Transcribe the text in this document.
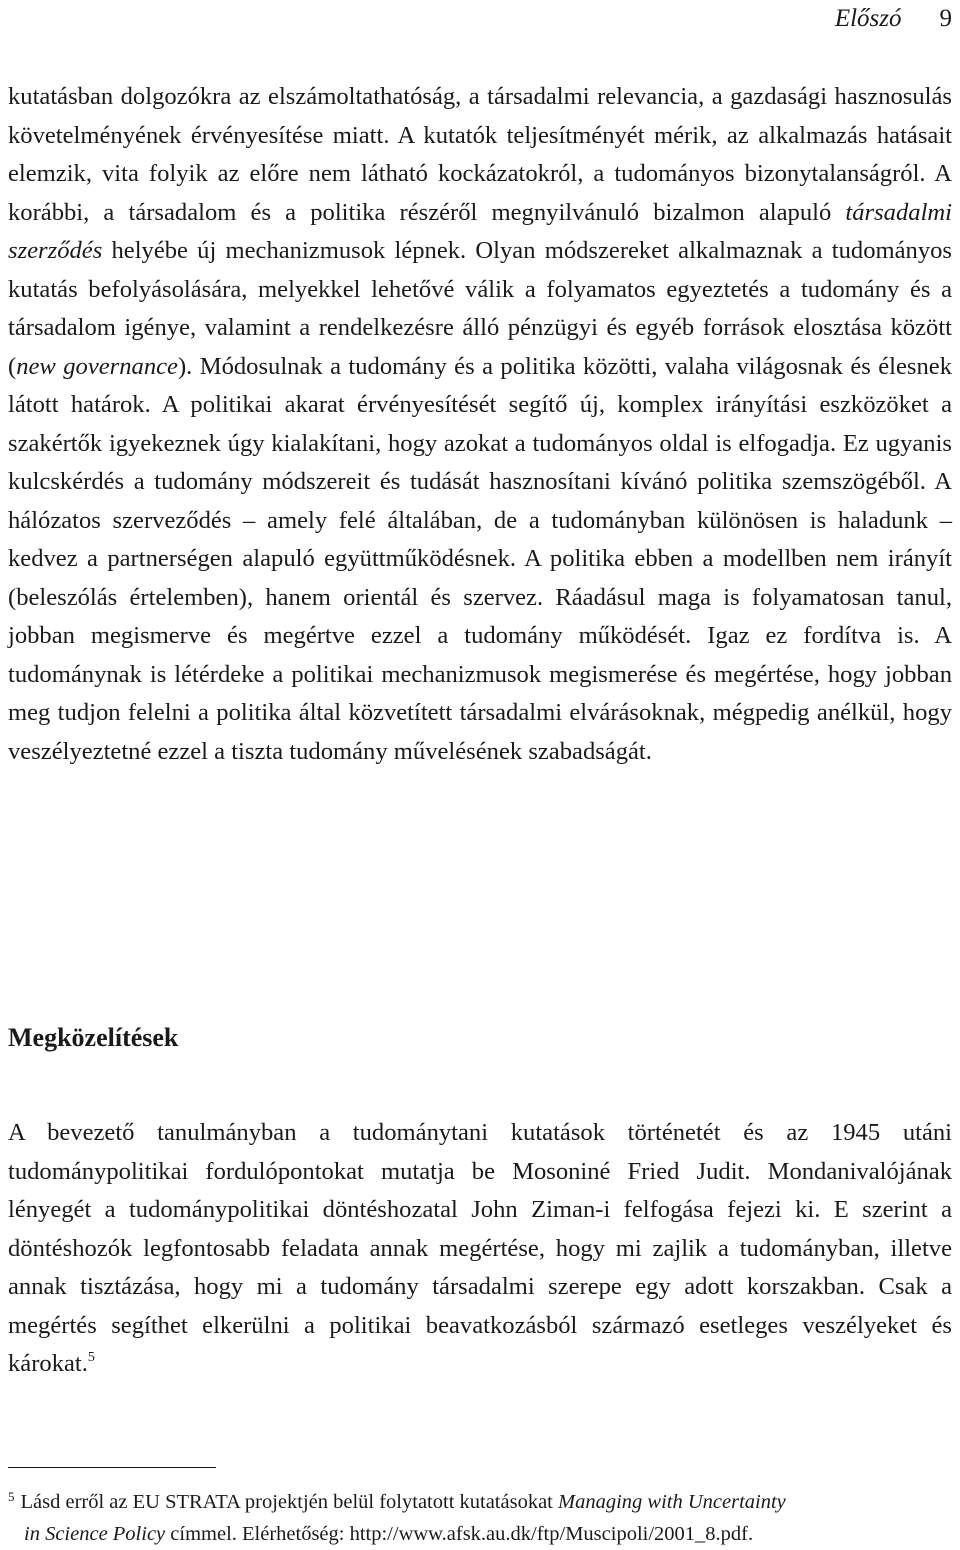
Előszó 9

kutatásban dolgozókra az elszámoltathatóság, a társadalmi relevancia, a gazdasági hasznosulás követelményének érvényesítése miatt. A kutatók teljesítményét mérik, az alkalmazás hatásait elemzik, vita folyik az előre nem látható kockázatokról, a tudományos bizonytalanságról. A korábbi, a társadalom és a politika részéről megnyilvánuló bizalmon alapuló társadalmi szerződés helyébe új mechanizmusok lépnek. Olyan módszereket alkalmaznak a tudományos kutatás befolyásolására, melyekkel lehetővé válik a folyamatos egyeztetés a tudomány és a társadalom igénye, valamint a rendelkezésre álló pénzügyi és egyéb források elosztása között (new governance). Módosulnak a tudomány és a politika közötti, valaha világosnak és élesnek látott határok. A politikai akarat érvényesítését segítő új, komplex irányítási eszközöket a szakértők igyekeznek úgy kialakítani, hogy azokat a tudományos oldal is elfogadja. Ez ugyanis kulcskérdés a tudomány módszereit és tudását hasznosítani kívánó politika szemszögéből. A hálózatos szerveződés – amely felé általában, de a tudományban különösen is haladunk – kedvez a partnerségen alapuló együttműködésnek. A politika ebben a modellben nem irányít (beleszólás értelemben), hanem orientál és szervez. Ráadásul maga is folyamatosan tanul, jobban megismerve és megértve ezzel a tudomány működését. Igaz ez fordítva is. A tudománynak is létérdeke a politikai mechanizmusok megismerése és megértése, hogy jobban meg tudjon felelni a politika által közvetített társadalmi elvárásoknak, mégpedig anélkül, hogy veszélyeztetné ezzel a tiszta tudomány művelésének szabadságát.

Megközelítések

A bevezető tanulmányban a tudománytani kutatások történetét és az 1945 utáni tudománypolitikai fordulópontokat mutatja be Mosoniné Fried Judit. Mondanivalójának lényegét a tudománypolitikai döntéshozatal John Ziman-i felfogása fejezi ki. E szerint a döntéshozók legfontosabb feladata annak megértése, hogy mi zajlik a tudományban, illetve annak tisztázása, hogy mi a tudomány társadalmi szerepe egy adott korszakban. Csak a megértés segíthet elkerülni a politikai beavatkozásból származó esetleges veszélyeket és károkat.$^5$

$^5$ Lásd erről az EU STRATA projektjén belül folytatott kutatásokat Managing with Uncertainty
in Science Policy címmel. Elérhetőség: http://www.afsk.au.dk/ftp/Muscipoli/2001_8.pdf.
